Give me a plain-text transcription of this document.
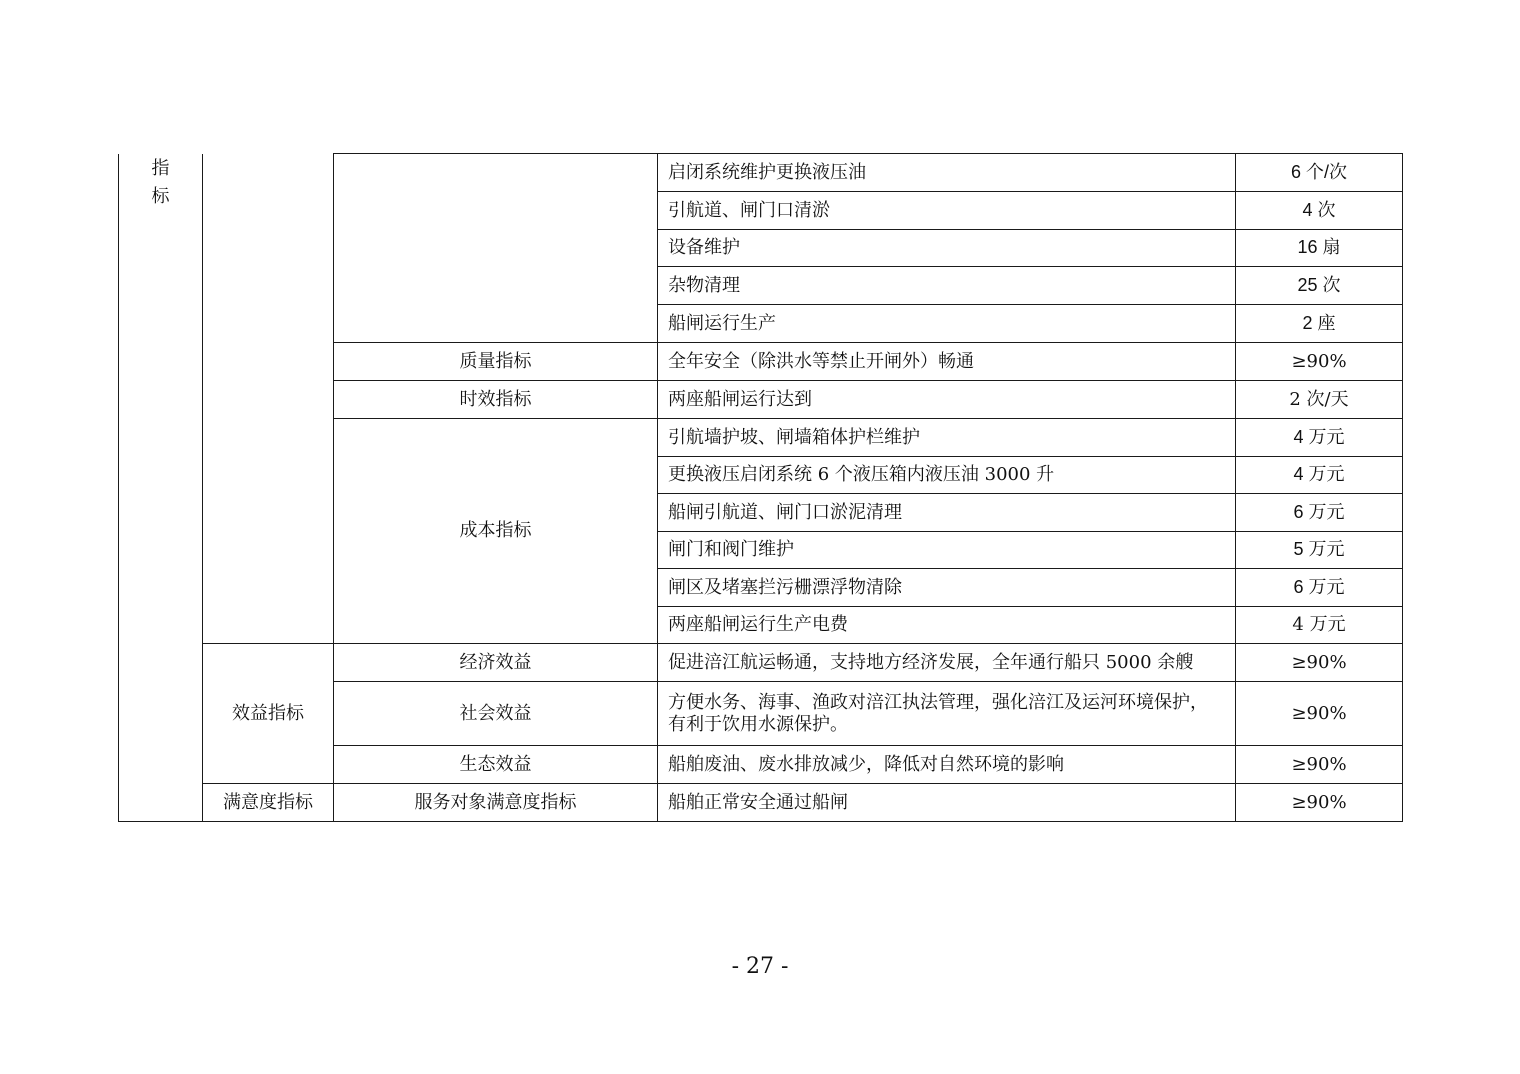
指
标			启闭系统维护更换液压油	6 个/次
			引航道、闸门口清淤	4 次
			设备维护	16 扇
			杂物清理	25 次
			船闸运行生产	2 座
		质量指标	全年安全（除洪水等禁止开闸外）畅通	≥90%
		时效指标	两座船闸运行达到	2 次/天
		成本指标	引航墙护坡、闸墙箱体护栏维护	4 万元
			更换液压启闭系统 6 个液压箱内液压油 3000 升	4 万元
			船闸引航道、闸门口淤泥清理	6 万元
			闸门和阀门维护	5 万元
			闸区及堵塞拦污栅漂浮物清除	6 万元
			两座船闸运行生产电费	4 万元
	效益指标	经济效益	促进涪江航运畅通，支持地方经济发展，全年通行船只 5000 余艘	≥90%
		社会效益	方便水务、海事、渔政对涪江执法管理，强化涪江及运河环境保护，有利于饮用水源保护。	≥90%
		生态效益	船舶废油、废水排放减少，降低对自然环境的影响	≥90%
	满意度指标	服务对象满意度指标	船舶正常安全通过船闸	≥90%
- 27 -
